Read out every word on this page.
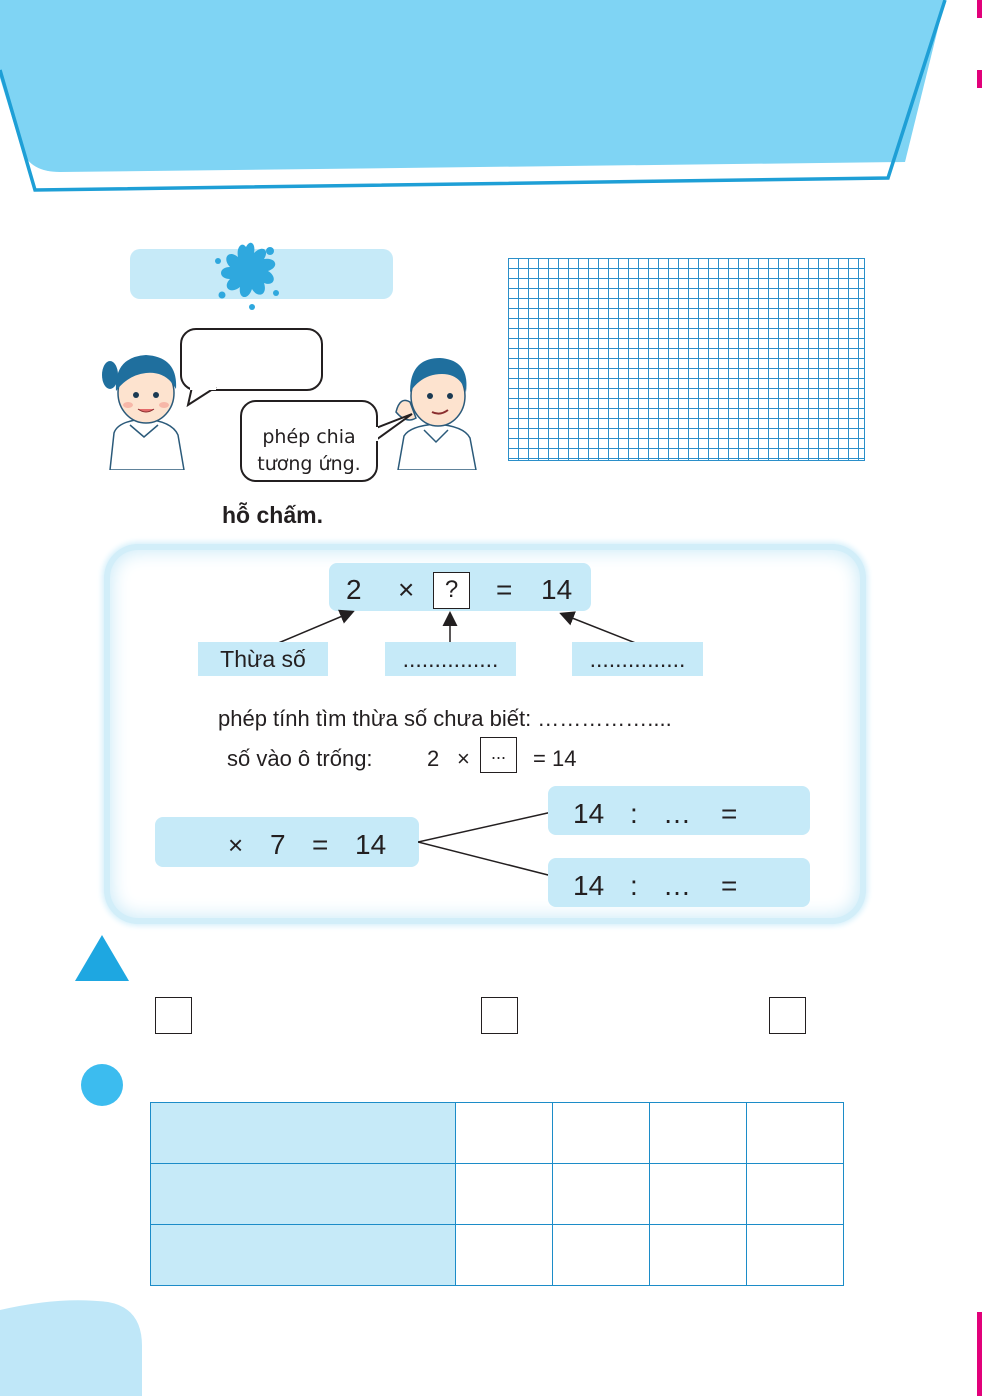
phép chia
tương ứng.
hỗ chấm.
2 ×	?	= 14
Thừa số	...............	...............
phép tính tìm thừa số chưa biết: ……………....
số vào ô trống: 2 ×	...	= 14
× 7 = 14
14 : … =
14 : … =
